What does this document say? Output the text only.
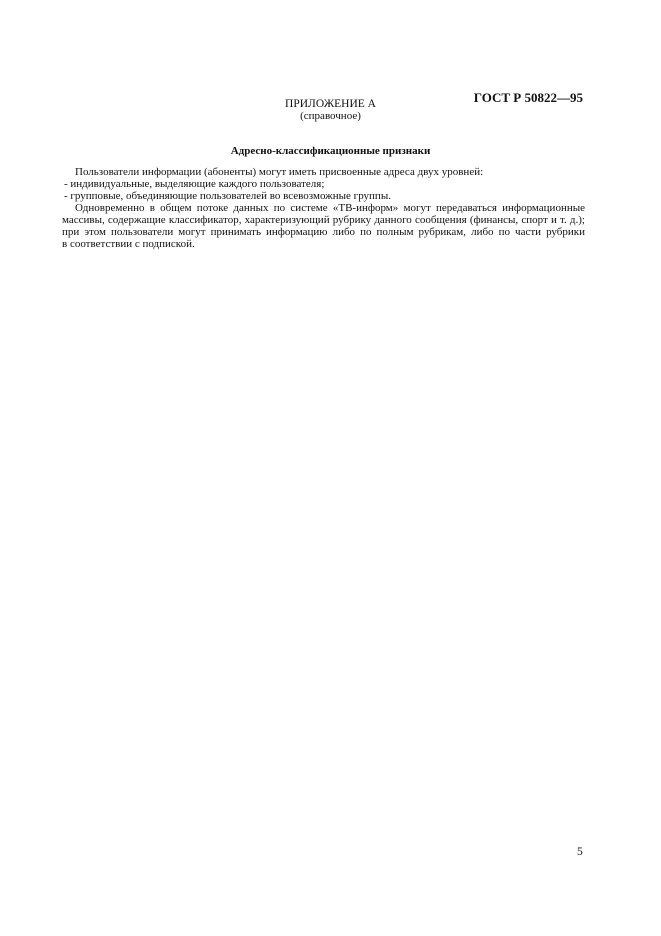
ГОСТ Р 50822—95
ПРИЛОЖЕНИЕ А
(справочное)
Адресно-классификационные признаки
Пользователи информации (абоненты) могут иметь присвоенные адреса двух уровней:
- индивидуальные, выделяющие каждого пользователя;
- групповые, объединяющие пользователей во всевозможные группы.
Одновременно в общем потоке данных по системе «ТВ-информ» могут передаваться информационные
массивы, содержащие классификатор, характеризующий рубрику данного сообщения (финансы, спорт и т. д.);
при этом пользователи могут принимать информацию либо по полным рубрикам, либо по части рубрики
в соответствии с подпиской.
5
